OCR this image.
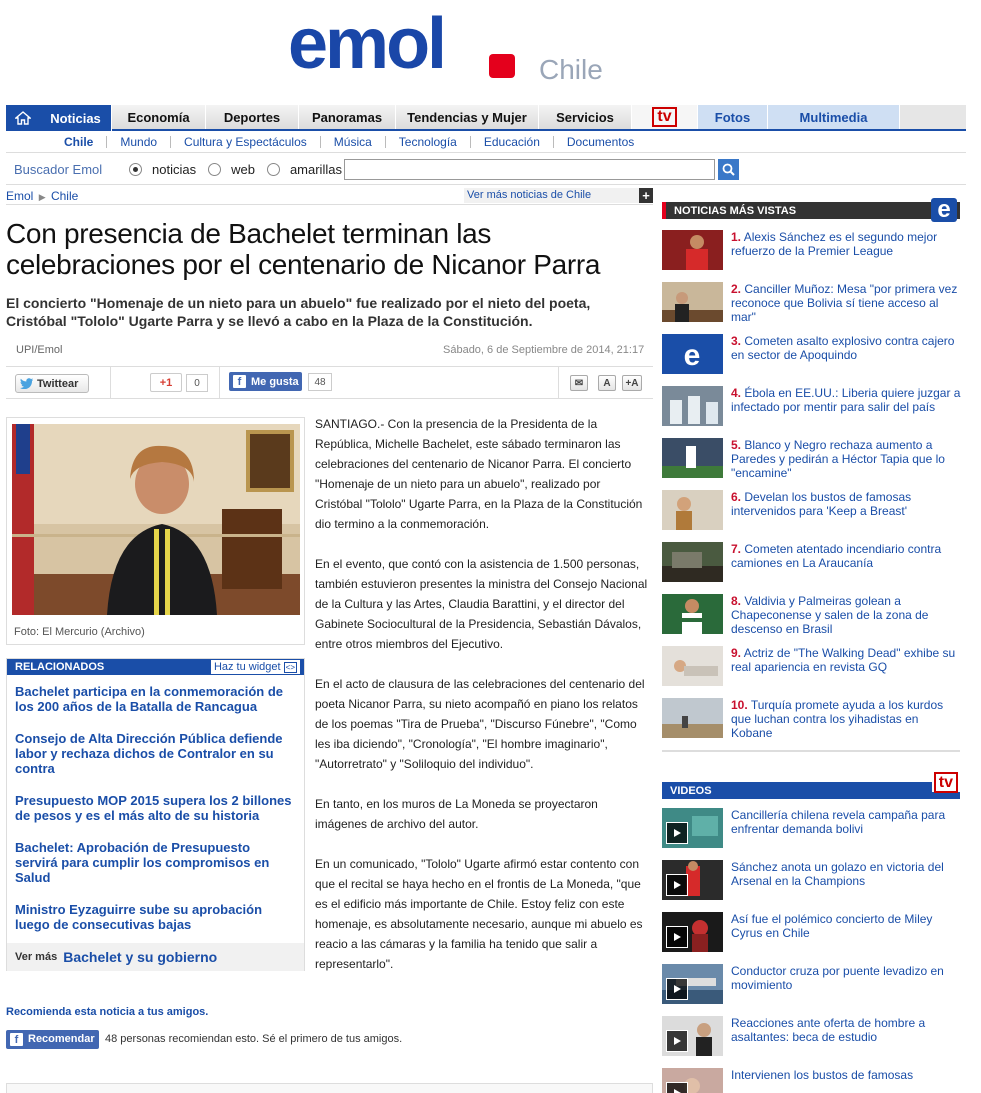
emol	Chile
Noticias	Economía	Deportes	Panoramas	Tendencias y Mujer	Servicios	tv	Fotos	Multimedia
Chile	Mundo	Cultura y Espectáculos	Música	Tecnología	Educación	Documentos
Buscador Emol	noticias	web	amarillas
Emol ▶ Chile	Ver más noticias de Chile	+
Con presencia de Bachelet terminan las celebraciones por el centenario de Nicanor Parra
El concierto "Homenaje de un nieto para un abuelo" fue realizado por el nieto del poeta, Cristóbal "Tololo" Ugarte Parra y se llevó a cabo en la Plaza de la Constitución.
UPI/Emol	Sábado, 6 de Septiembre de 2014, 21:17
Twittear	+1	0	f Me gusta	48	✉	A	+A
Foto: El Mercurio (Archivo)
RELACIONADOS	Haz tu widget <>
Bachelet participa en la conmemoración de los 200 años de la Batalla de Rancagua
Consejo de Alta Dirección Pública defiende labor y rechaza dichos de Contralor en su contra
Presupuesto MOP 2015 supera los 2 billones de pesos y es el más alto de su historia
Bachelet: Aprobación de Presupuesto servirá para cumplir los compromisos en Salud
Ministro Eyzaguirre sube su aprobación luego de consecutivas bajas
Ver más Bachelet y su gobierno

SANTIAGO.- Con la presencia de la Presidenta de la República, Michelle Bachelet, este sábado terminaron las celebraciones del centenario de Nicanor Parra. El concierto "Homenaje de un nieto para un abuelo", realizado por Cristóbal "Tololo" Ugarte Parra, en la Plaza de la Constitución dio termino a la conmemoración.

En el evento, que contó con la asistencia de 1.500 personas, también estuvieron presentes la ministra del Consejo Nacional de la Cultura y las Artes, Claudia Barattini, y el director del Gabinete Sociocultural de la Presidencia, Sebastián Dávalos, entre otros miembros del Ejecutivo.

En el acto de clausura de las celebraciones del centenario del poeta Nicanor Parra, su nieto acompañó en piano los relatos de los poemas "Tira de Prueba", "Discurso Fúnebre", "Como les iba diciendo", "Cronología", "El hombre imaginario", "Autorretrato" y "Soliloquio del individuo".

En tanto, en los muros de La Moneda se proyectaron imágenes de archivo del autor.

En un comunicado, "Tololo" Ugarte afirmó estar contento con que el recital se haya hecho en el frontis de La Moneda, "que es el edificio más importante de Chile. Estoy feliz con este homenaje, es absolutamente necesario, aunque mi abuelo es reacio a las cámaras y la familia ha tenido que salir a representarlo".

Recomienda esta noticia a tus amigos.
f Recomendar 48 personas recomiendan esto. Sé el primero de tus amigos.
NOTICIAS MÁS VISTAS	e
1. Alexis Sánchez es el segundo mejor refuerzo de la Premier League
2. Canciller Muñoz: Mesa "por primera vez reconoce que Bolivia sí tiene acceso al mar"
e	3. Cometen asalto explosivo contra cajero en sector de Apoquindo
4. Ébola en EE.UU.: Liberia quiere juzgar a infectado por mentir para salir del país
5. Blanco y Negro rechaza aumento a Paredes y pedirán a Héctor Tapia que lo "encamine"
6. Develan los bustos de famosas intervenidos para 'Keep a Breast'
7. Cometen atentado incendiario contra camiones en La Araucanía
8. Valdivia y Palmeiras golean a Chapeconense y salen de la zona de descenso en Brasil
9. Actriz de "The Walking Dead" exhibe su real apariencia en revista GQ
10. Turquía promete ayuda a los kurdos que luchan contra los yihadistas en Kobane
VIDEOS	tv
Cancillería chilena revela campaña para enfrentar demanda bolivi
Sánchez anota un golazo en victoria del Arsenal en la Champions
Así fue el polémico concierto de Miley Cyrus en Chile
Conductor cruza por puente levadizo en movimiento
Reacciones ante oferta de hombre a asaltantes: beca de estudio
Intervienen los bustos de famosas
